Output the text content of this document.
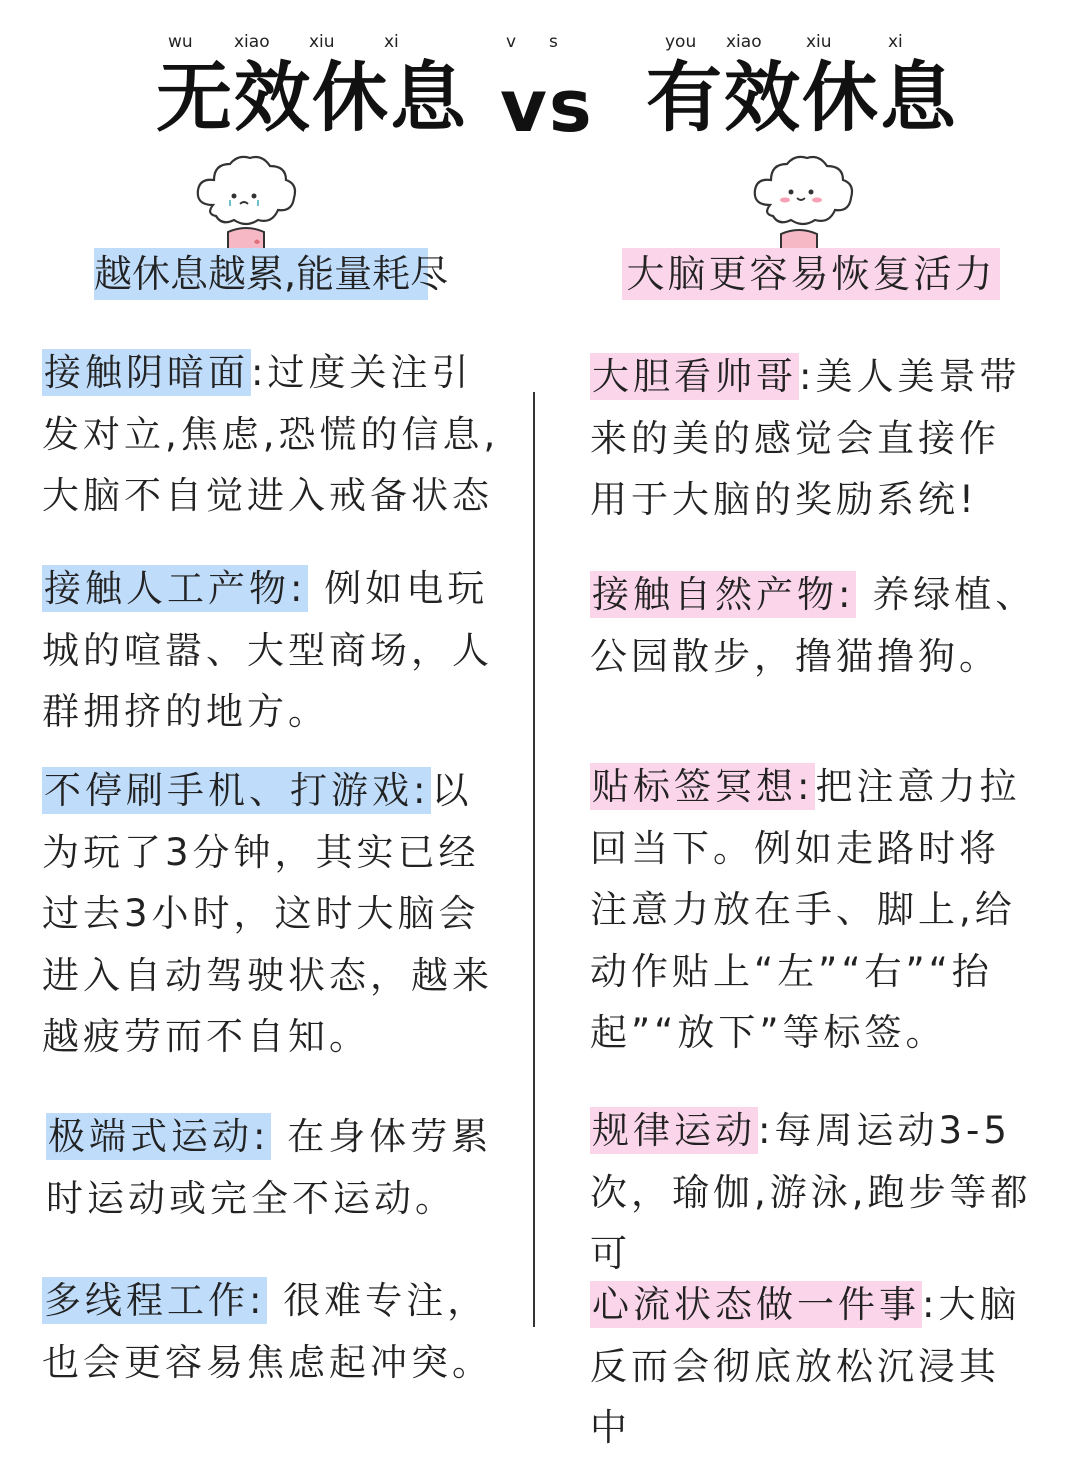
wu xiao xiu	xi	v s	you xiao	xiu	xi
无效休息 vs 有效休息
越休息越累,能量耗尽	大脑更容易恢复活力
接触阴暗面:过度关注引发对立,焦虑,恐慌的信息,大脑不自觉进入戒备状态
接触人工产物: 例如电玩城的喧嚣、大型商场，人群拥挤的地方。
不停刷手机、打游戏:以为玩了3分钟，其实已经过去3小时，这时大脑会进入自动驾驶状态，越来越疲劳而不自知。
极端式运动: 在身体劳累时运动或完全不运动。
多线程工作: 很难专注，也会更容易焦虑起冲突。
大胆看帅哥:美人美景带来的美的感觉会直接作用于大脑的奖励系统!
接触自然产物: 养绿植、公园散步，撸猫撸狗。
贴标签冥想:把注意力拉回当下。例如走路时将注意力放在手、脚上,给动作贴上“左”“右”“抬起”“放下”等标签。
规律运动:每周运动3-5次，瑜伽,游泳,跑步等都可
心流状态做一件事:大脑反而会彻底放松沉浸其中
